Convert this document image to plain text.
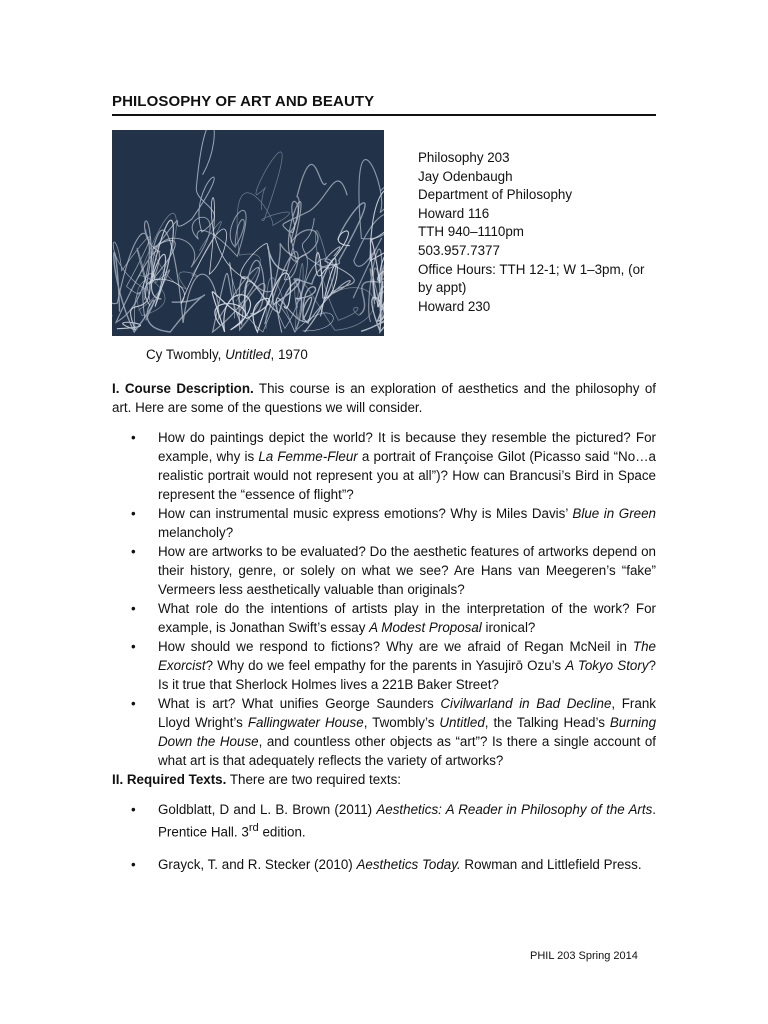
PHILOSOPHY OF ART AND BEAUTY
Philosophy 203
Jay Odenbaugh
Department of Philosophy
Howard 116
TTH 940–1110pm
503.957.7377
Office Hours: TTH 12-1; W 1–3pm, (or
by appt)
Howard 230
Cy Twombly, Untitled, 1970

I. Course Description. This course is an exploration of aesthetics and the philosophy of art. Here are some of the questions we will consider.

• How do paintings depict the world? It is because they resemble the pictured? For example, why is La Femme-Fleur a portrait of Françoise Gilot (Picasso said “No…a realistic portrait would not represent you at all”)? How can Brancusi’s Bird in Space represent the “essence of flight”?
• How can instrumental music express emotions? Why is Miles Davis’ Blue in Green melancholy?
• How are artworks to be evaluated? Do the aesthetic features of artworks depend on their history, genre, or solely on what we see? Are Hans van Meegeren’s “fake” Vermeers less aesthetically valuable than originals?
• What role do the intentions of artists play in the interpretation of the work? For example, is Jonathan Swift’s essay A Modest Proposal ironical?
• How should we respond to fictions? Why are we afraid of Regan McNeil in The Exorcist? Why do we feel empathy for the parents in Yasujirō Ozu’s A Tokyo Story? Is it true that Sherlock Holmes lives a 221B Baker Street?
• What is art? What unifies George Saunders Civilwarland in Bad Decline, Frank Lloyd Wright’s Fallingwater House, Twombly’s Untitled, the Talking Head’s Burning Down the House, and countless other objects as “art”? Is there a single account of what art is that adequately reflects the variety of artworks?

II. Required Texts. There are two required texts:

• Goldblatt, D and L. B. Brown (2011) Aesthetics: A Reader in Philosophy of the Arts. Prentice Hall. 3rd edition.
• Grayck, T. and R. Stecker (2010) Aesthetics Today. Rowman and Littlefield Press.
PHIL 203 Spring 2014
